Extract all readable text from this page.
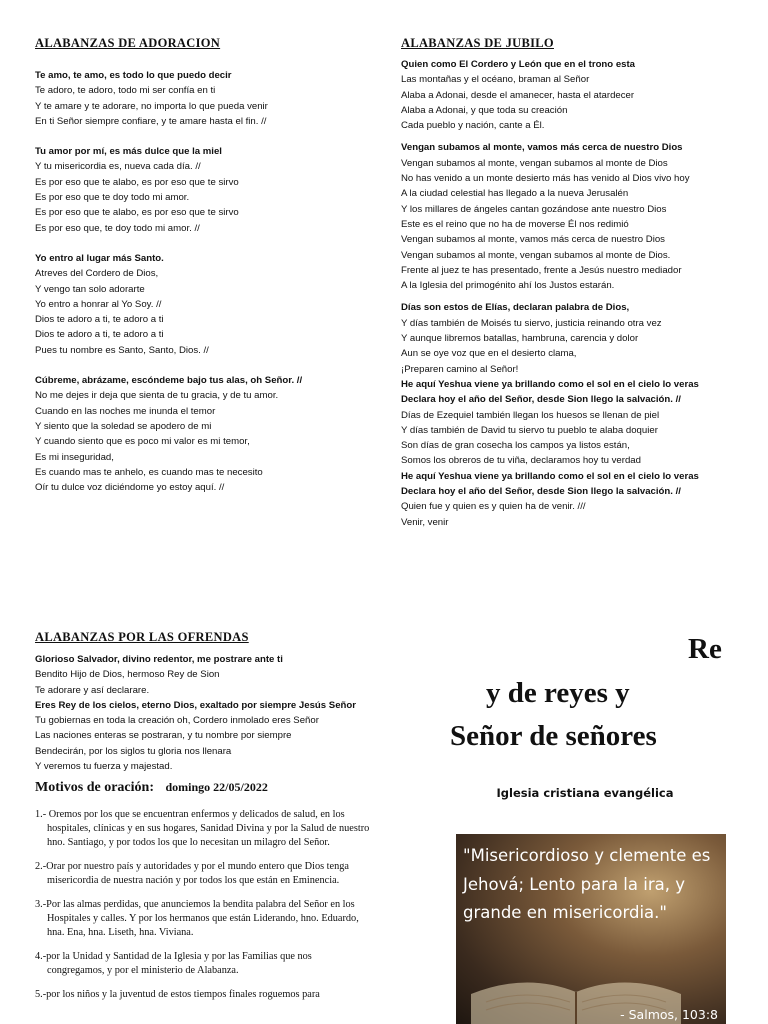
ALABANZAS DE ADORACION

Te amo, te amo, es todo lo que puedo decir

Te adoro, te adoro, todo mi ser confía en ti

Y te amare y te adorare, no importa lo que pueda venir

En ti Señor siempre confiare, y te amare hasta el fin. //

Tu amor por mí, es más dulce que la miel

Y tu misericordia es, nueva cada día. //

Es por eso que te alabo, es por eso que te sirvo

Es por eso que te doy todo mi amor.

Es por eso que te alabo, es por eso que te sirvo

Es por eso que, te doy todo mi amor. //

Yo entro al lugar más Santo.

Atreves del Cordero de Dios,

Y vengo tan solo adorarte

Yo entro a honrar al Yo Soy. //

Dios te adoro a ti, te adoro a ti

Dios te adoro a ti, te adoro a ti

Pues tu nombre es Santo, Santo, Dios. //

Cúbreme, abrázame, escóndeme bajo tus alas, oh Señor. //

No me dejes ir deja que sienta de tu gracia, y de tu amor.

Cuando en las noches me inunda el temor

Y siento que la soledad se apodero de mi

Y cuando siento que es poco mi valor es mi temor,

Es mi inseguridad,

Es cuando mas te anhelo, es cuando mas te necesito

Oír tu dulce voz diciéndome yo estoy aquí. //

ALABANZAS DE JUBILO

Quien como El Cordero y León que en el trono esta

Las montañas y el océano, braman al Señor

Alaba a Adonai, desde el amanecer, hasta el atardecer

Alaba a Adonai, y que toda su creación

Cada pueblo y nación, cante a Él.

Vengan subamos al monte, vamos más cerca de nuestro Dios

Vengan subamos al monte, vengan subamos al monte de Dios

No has venido a un monte desierto más has venido al Dios vivo hoy

A la ciudad celestial has llegado a la nueva Jerusalén

Y los millares de ángeles cantan gozándose ante nuestro Dios

Este es el reino que no ha de moverse Él nos redimió

Vengan subamos al monte, vamos más cerca de nuestro Dios

Vengan subamos al monte, vengan subamos al monte de Dios.

Frente al juez te has presentado, frente a Jesús nuestro mediador

A la Iglesia del primogénito ahí los Justos estarán.

Días son estos de Elías, declaran palabra de Dios,

Y días también de Moisés tu siervo, justicia reinando otra vez

Y aunque libremos batallas, hambruna, carencia y dolor

Aun se oye voz que en el desierto clama,

¡Preparen camino al Señor!

He aquí Yeshua viene ya brillando como el sol en el cielo lo veras

Declara hoy el año del Señor, desde Sion llego la salvación. //

Días de Ezequiel también llegan los huesos se llenan de piel

Y días también de David tu siervo tu pueblo te alaba doquier

Son días de gran cosecha los campos ya listos están,

Somos los obreros de tu viña, declaramos hoy tu verdad

He aquí Yeshua viene ya brillando como el sol en el cielo lo veras

Declara hoy el año del Señor, desde Sion llego la salvación. //

Quien fue y quien es y quien ha de venir. ///

Venir, venir

ALABANZAS POR LAS OFRENDAS

Glorioso Salvador, divino redentor, me postrare ante ti

Bendito Hijo de Dios, hermoso Rey de Sion

Te adorare y así declarare.

Eres Rey de los cielos, eterno Dios, exaltado por siempre Jesús Señor

Tu gobiernas en toda la creación oh, Cordero inmolado eres Señor

Las naciones enteras se postraran, y tu nombre por siempre

Bendecirán, por los siglos tu gloria nos llenara

Y veremos tu fuerza y majestad.

Motivos de oración: domingo 22/05/2022

1.- Oremos por los que se encuentran enfermos y delicados de salud, en los hospitales, clínicas y en sus hogares, Sanidad Divina y por la Salud de nuestro hno. Santiago, y por todos los que lo necesitan un milagro del Señor.

2.-Orar por nuestro país y autoridades y por el mundo entero que Dios tenga misericordia de nuestra nación y por todos los que están en Eminencia.

3.-Por las almas perdidas, que anunciemos la bendita palabra del Señor en los Hospitales y calles. Y por los hermanos que están Liderando, hno. Eduardo, hna. Ena, hna. Liseth, hna. Viviana.

4.-por la Unidad y Santidad de la Iglesia y por las Familias que nos congregamos, y por el ministerio de Alabanza.

5.-por los niños y la juventud de estos tiempos finales roguemos para

Re
y de reyes y
Señor de señores
Iglesia cristiana evangélica
"Misericordioso y clemente es Jehová; Lento para la ira, y grande en misericordia."
- Salmos, 103:8
